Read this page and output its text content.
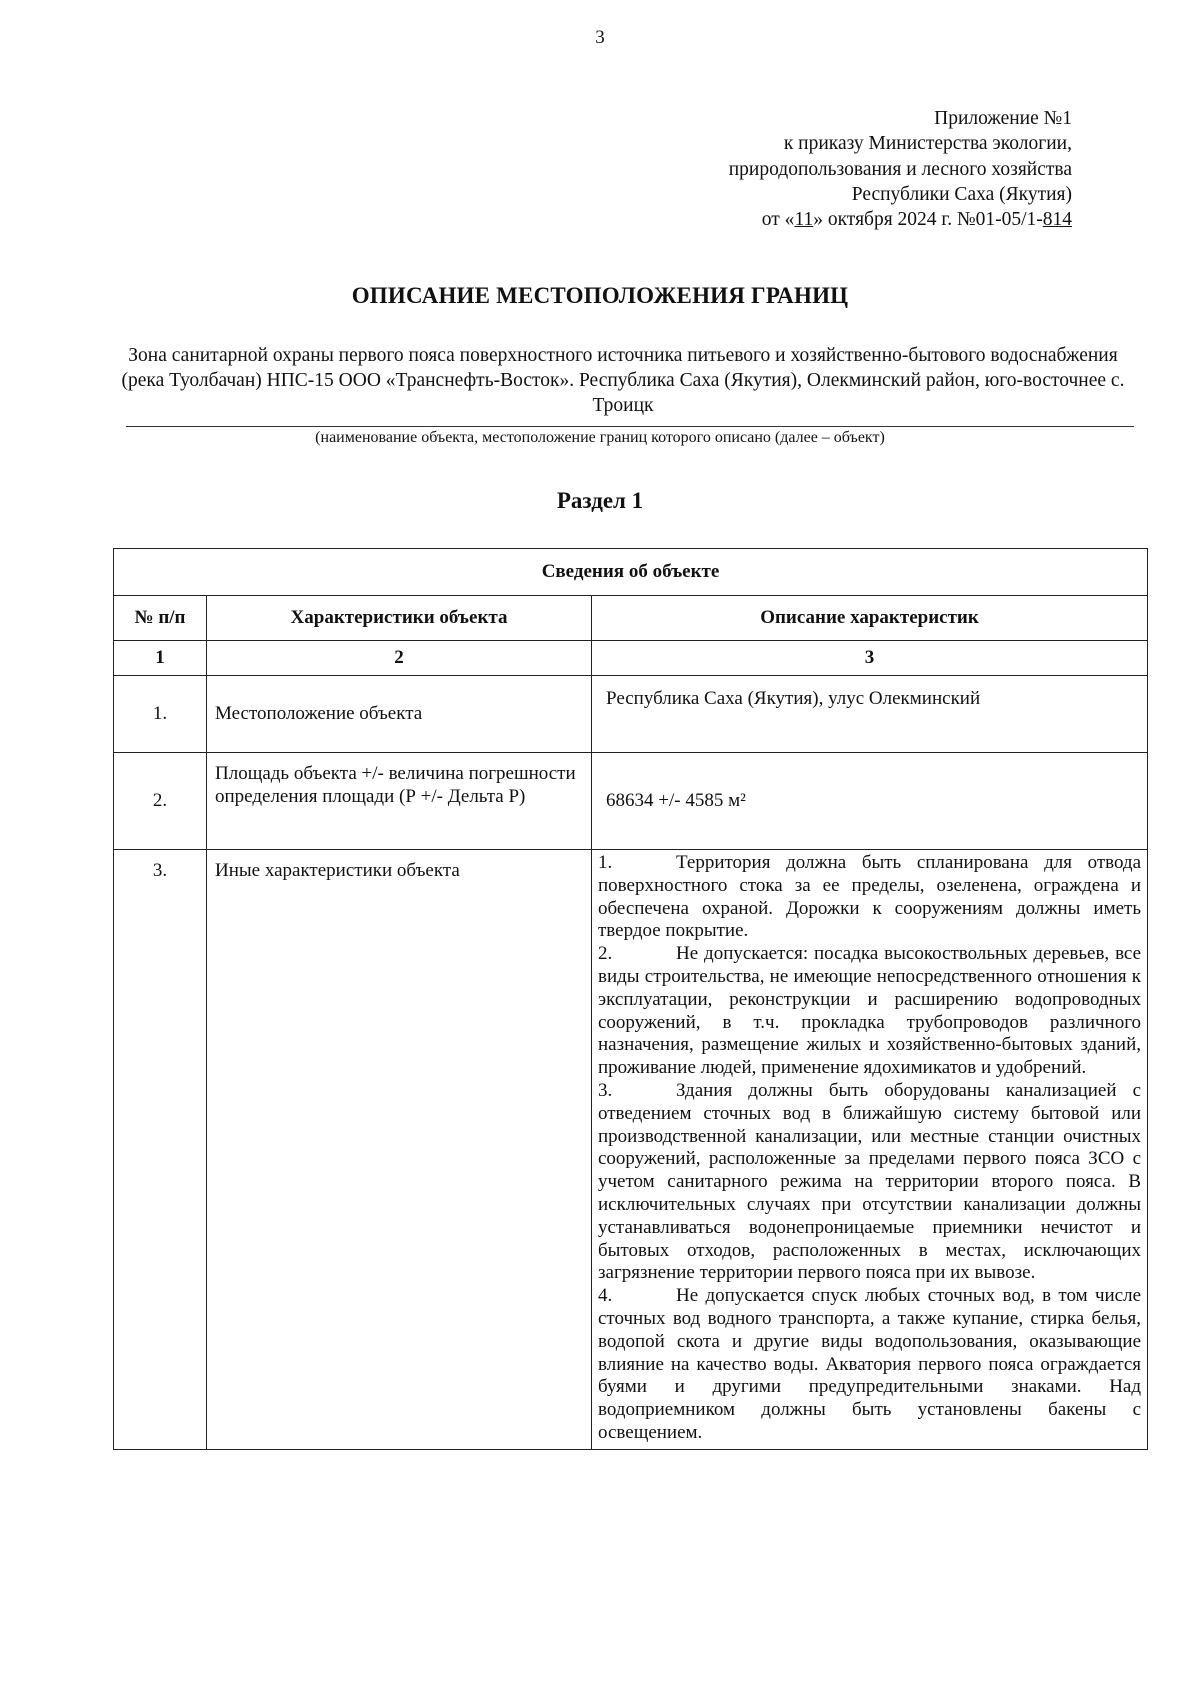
3
Приложение №1
к приказу Министерства экологии,
природопользования и лесного хозяйства
Республики Саха (Якутия)
от «11» октября 2024 г. №01-05/1-814
ОПИСАНИЕ МЕСТОПОЛОЖЕНИЯ ГРАНИЦ
Зона санитарной охраны первого пояса поверхностного источника питьевого и хозяйственно-бытового водоснабжения (река Туолбачан) НПС-15 ООО «Транснефть-Восток». Республика Саха (Якутия), Олекминский район, юго-восточнее с. Троицк
(наименование объекта, местоположение границ которого описано (далее – объект)
Раздел 1
Сведения об объекте		
№ п/п	Характеристики объекта	Описание характеристик
1	2	3
1.	Местоположение объекта	Республика Саха (Якутия), улус Олекминский
2.	Площадь объекта +/- величина погрешности определения площади (Р +/- Дельта Р)	68634 +/- 4585 м²
3.	Иные характеристики объекта	1. Территория должна быть спланирована для отвода поверхностного стока за ее пределы, озеленена, ограждена и обеспечена охраной. Дорожки к сооружениям должны иметь твердое покрытие.

2. Не допускается: посадка высокоствольных деревьев, все виды строительства, не имеющие непосредственного отношения к эксплуатации, реконструкции и расширению водопроводных сооружений, в т.ч. прокладка трубопроводов различного назначения, размещение жилых и хозяйственно-бытовых зданий, проживание людей, применение ядохимикатов и удобрений.

3. Здания должны быть оборудованы канализацией с отведением сточных вод в ближайшую систему бытовой или производственной канализации, или местные станции очистных сооружений, расположенные за пределами первого пояса ЗСО с учетом санитарного режима на территории второго пояса. В исключительных случаях при отсутствии канализации должны устанавливаться водонепроницаемые приемники нечистот и бытовых отходов, расположенных в местах, исключающих загрязнение территории первого пояса при их вывозе.

4. Не допускается спуск любых сточных вод, в том числе сточных вод водного транспорта, а также купание, стирка белья, водопой скота и другие виды водопользования, оказывающие влияние на качество воды. Акватория первого пояса ограждается буями и другими предупредительными знаками. Над водоприемником должны быть установлены бакены с освещением.
